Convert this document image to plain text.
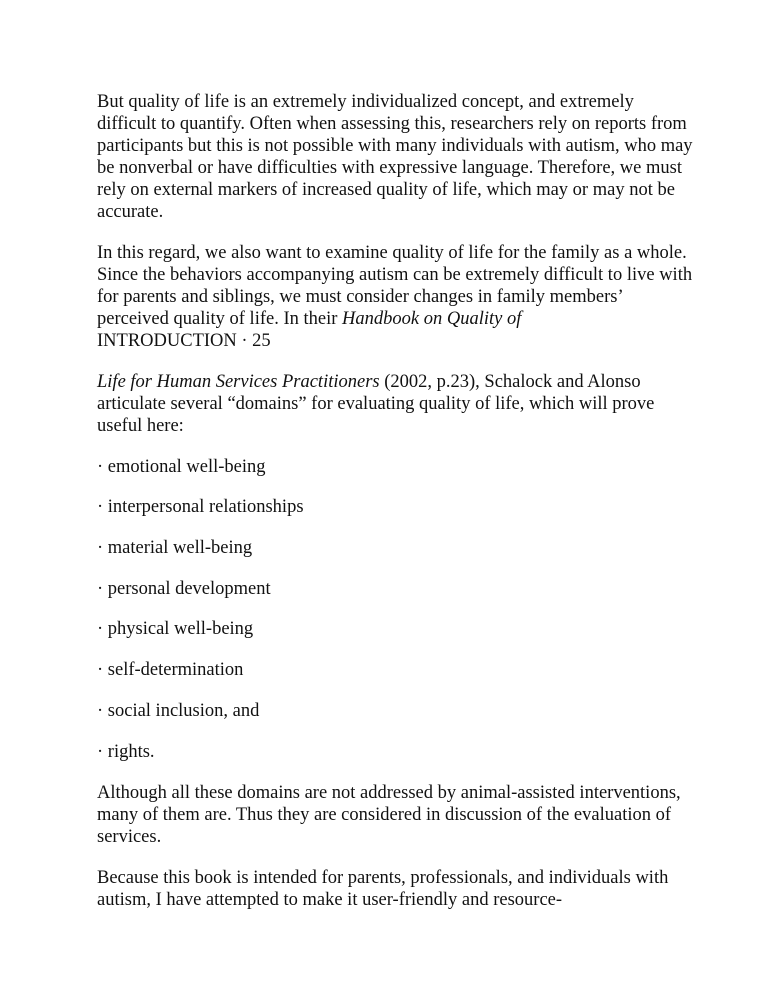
But quality of life is an extremely individualized concept, and extremely difficult to quantify. Often when assessing this, researchers rely on reports from participants but this is not possible with many individuals with autism, who may be nonverbal or have difficulties with expressive language. Therefore, we must rely on external markers of increased quality of life, which may or may not be accurate.

In this regard, we also want to examine quality of life for the family as a whole. Since the behaviors accompanying autism can be extremely difficult to live with for parents and siblings, we must consider changes in family members’ perceived quality of life. In their Handbook on Quality of

INTRODUCTION · 25

Life for Human Services Practitioners (2002, p.23), Schalock and Alonso articulate several “domains” for evaluating quality of life, which will prove useful here:

· emotional well-being

· interpersonal relationships

· material well-being

· personal development

· physical well-being

· self-determination

· social inclusion, and

· rights.

Although all these domains are not addressed by animal-assisted interventions, many of them are. Thus they are considered in discussion of the evaluation of services.

Because this book is intended for parents, professionals, and individuals with autism, I have attempted to make it user-friendly and resource-
